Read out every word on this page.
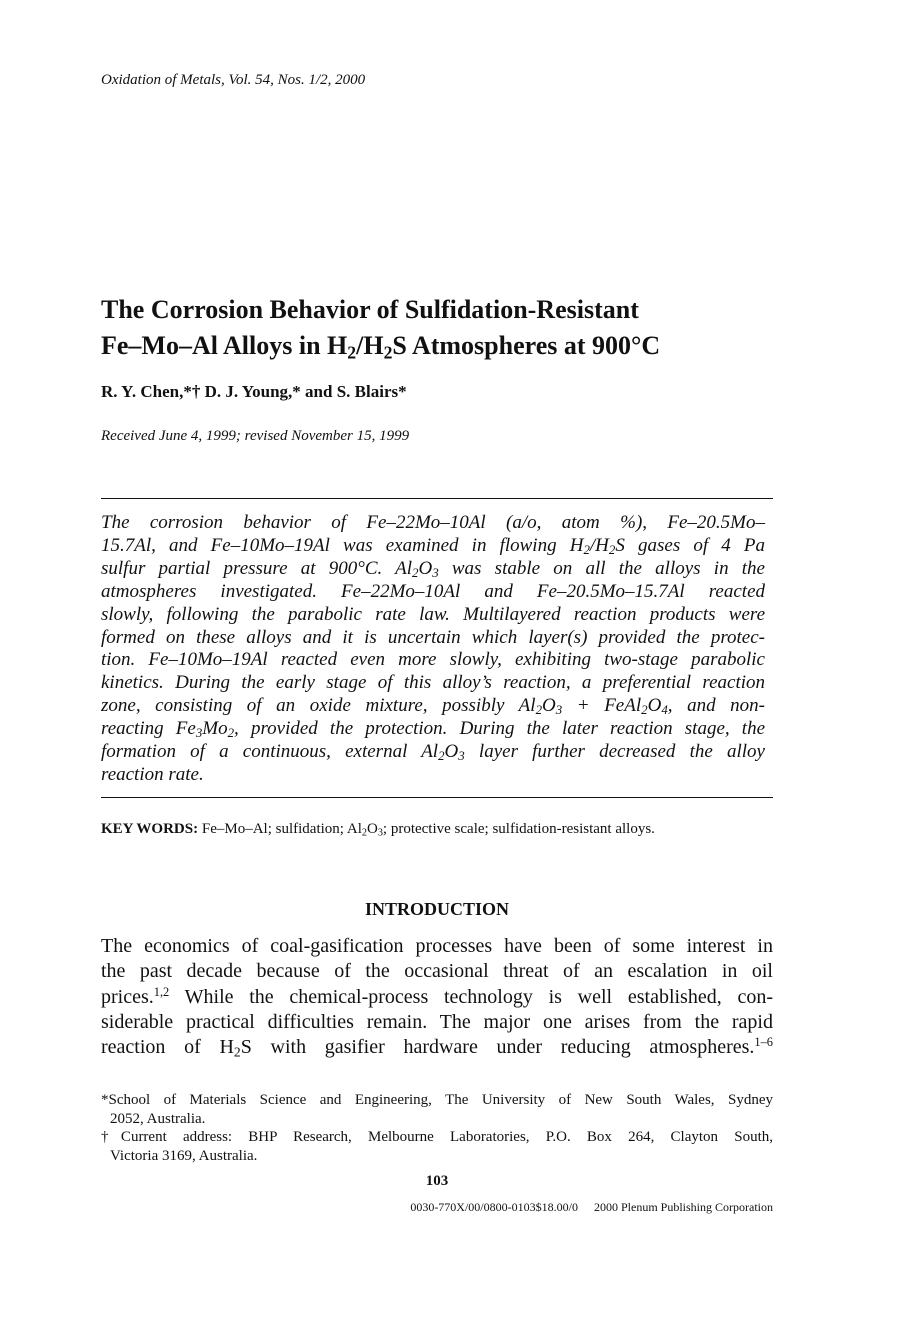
Oxidation of Metals, Vol. 54, Nos. 1/2, 2000
The Corrosion Behavior of Sulfidation-Resistant
Fe–Mo–Al Alloys in $H_2/H_2S$ Atmospheres at 900°C
R. Y. Chen,*† D. J. Young,* and S. Blairs*
Received June 4, 1999; revised November 15, 1999
The corrosion behavior of Fe–22Mo–10Al (a/o, atom %), Fe–20.5Mo–
15.7Al, and Fe–10Mo–19Al was examined in flowing $H_2/H_2S$ gases of 4 Pa
sulfur partial pressure at 900°C. $Al_2O_3$ was stable on all the alloys in the
atmospheres investigated. Fe–22Mo–10Al and Fe–20.5Mo–15.7Al reacted
slowly, following the parabolic rate law. Multilayered reaction products were
formed on these alloys and it is uncertain which layer(s) provided the protec-
tion. Fe–10Mo–19Al reacted even more slowly, exhibiting two-stage parabolic
kinetics. During the early stage of this alloy’s reaction, a preferential reaction
zone, consisting of an oxide mixture, possibly $Al_2O_3$ + $FeAl_2O_4$, and non-
reacting $Fe_3Mo_2$, provided the protection. During the later reaction stage, the
formation of a continuous, external $Al_2O_3$ layer further decreased the alloy
reaction rate.
KEY WORDS: Fe–Mo–Al; sulfidation; $Al_2O_3$; protective scale; sulfidation-resistant alloys.
INTRODUCTION
The economics of coal-gasification processes have been of some interest in
the past decade because of the occasional threat of an escalation in oil
prices.$^{1,2}$ While the chemical-process technology is well established, con-
siderable practical difficulties remain. The major one arises from the rapid
reaction of $H_2S$ with gasifier hardware under reducing atmospheres.$^{1-6}$
*School of Materials Science and Engineering, The University of New South Wales, Sydney
2052, Australia.
†Current address: BHP Research, Melbourne Laboratories, P.O. Box 264, Clayton South,
Victoria 3169, Australia.
103
0030-770X/00/0800-0103$18.00/0 2000 Plenum Publishing Corporation
